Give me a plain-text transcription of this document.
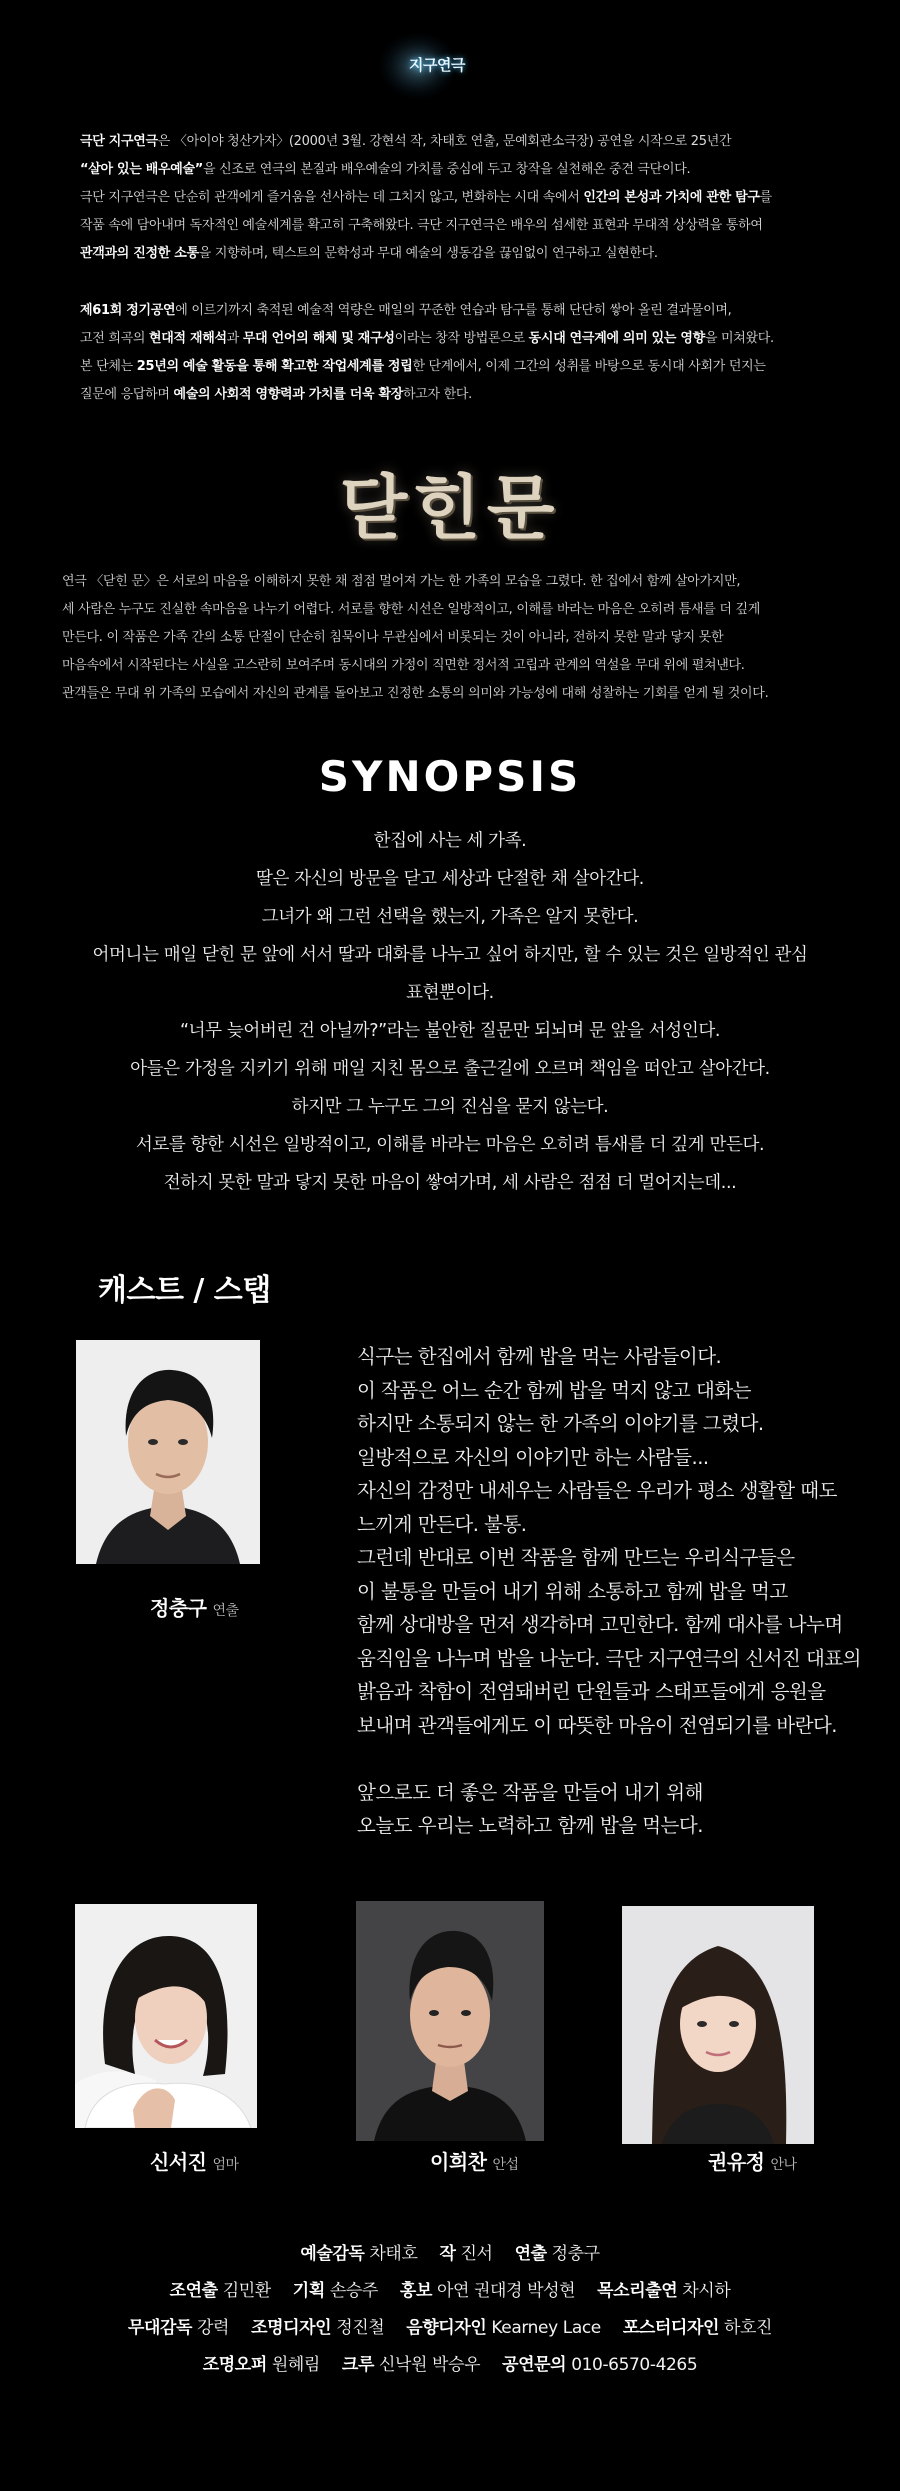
지구연극

극단 지구연극은 〈아이야 청산가자〉(2000년 3월. 강현석 작, 차태호 연출, 문예회관소극장) 공연을 시작으로 25년간

“살아 있는 배우예술”을 신조로 연극의 본질과 배우예술의 가치를 중심에 두고 창작을 실천해온 중견 극단이다.

극단 지구연극은 단순히 관객에게 즐거움을 선사하는 데 그치지 않고, 변화하는 시대 속에서 인간의 본성과 가치에 관한 탐구를

작품 속에 담아내며 독자적인 예술세계를 확고히 구축해왔다. 극단 지구연극은 배우의 섬세한 표현과 무대적 상상력을 통하여

관객과의 진정한 소통을 지향하며, 텍스트의 문학성과 무대 예술의 생동감을 끊임없이 연구하고 실현한다.

제61회 정기공연에 이르기까지 축적된 예술적 역량은 매일의 꾸준한 연습과 탐구를 통해 단단히 쌓아 올린 결과물이며,

고전 희곡의 현대적 재해석과 무대 언어의 해체 및 재구성이라는 창작 방법론으로 동시대 연극계에 의미 있는 영향을 미쳐왔다.

본 단체는 25년의 예술 활동을 통해 확고한 작업세계를 정립한 단계에서, 이제 그간의 성취를 바탕으로 동시대 사회가 던지는

질문에 응답하며 예술의 사회적 영향력과 가치를 더욱 확장하고자 한다.

닫힌문
연극 〈닫힌 문〉은 서로의 마음을 이해하지 못한 채 점점 멀어져 가는 한 가족의 모습을 그렸다. 한 집에서 함께 살아가지만,
세 사람은 누구도 진실한 속마음을 나누기 어렵다. 서로를 향한 시선은 일방적이고, 이해를 바라는 마음은 오히려 틈새를 더 깊게
만든다. 이 작품은 가족 간의 소통 단절이 단순히 침묵이나 무관심에서 비롯되는 것이 아니라, 전하지 못한 말과 닿지 못한
마음속에서 시작된다는 사실을 고스란히 보여주며 동시대의 가정이 직면한 정서적 고립과 관계의 역설을 무대 위에 펼쳐낸다.
관객들은 무대 위 가족의 모습에서 자신의 관계를 돌아보고 진정한 소통의 의미와 가능성에 대해 성찰하는 기회를 얻게 될 것이다.
SYNOPSIS
한집에 사는 세 가족.
딸은 자신의 방문을 닫고 세상과 단절한 채 살아간다.
그녀가 왜 그런 선택을 했는지, 가족은 알지 못한다.
어머니는 매일 닫힌 문 앞에 서서 딸과 대화를 나누고 싶어 하지만, 할 수 있는 것은 일방적인 관심
표현뿐이다.
“너무 늦어버린 건 아닐까?”라는 불안한 질문만 되뇌며 문 앞을 서성인다.
아들은 가정을 지키기 위해 매일 지친 몸으로 출근길에 오르며 책임을 떠안고 살아간다.
하지만 그 누구도 그의 진심을 묻지 않는다.
서로를 향한 시선은 일방적이고, 이해를 바라는 마음은 오히려 틈새를 더 깊게 만든다.
전하지 못한 말과 닿지 못한 마음이 쌓여가며, 세 사람은 점점 더 멀어지는데...
캐스트 / 스탭
정충구 연출
식구는 한집에서 함께 밥을 먹는 사람들이다.
이 작품은 어느 순간 함께 밥을 먹지 않고 대화는
하지만 소통되지 않는 한 가족의 이야기를 그렸다.
일방적으로 자신의 이야기만 하는 사람들...
자신의 감정만 내세우는 사람들은 우리가 평소 생활할 때도
느끼게 만든다. 불통.
그런데 반대로 이번 작품을 함께 만드는 우리식구들은
이 불통을 만들어 내기 위해 소통하고 함께 밥을 먹고
함께 상대방을 먼저 생각하며 고민한다. 함께 대사를 나누며
움직임을 나누며 밥을 나눈다. 극단 지구연극의 신서진 대표의
밝음과 착함이 전염돼버린 단원들과 스태프들에게 응원을
보내며 관객들에게도 이 따뜻한 마음이 전염되기를 바란다.

앞으로도 더 좋은 작품을 만들어 내기 위해
오늘도 우리는 노력하고 함께 밥을 먹는다.
신서진 엄마	이희찬 안섭	권유정 안나
예술감독 차태호 작 진서 연출 정충구
조연출 김민환 기획 손승주 홍보 아연 권대경 박성현 목소리출연 차시하
무대감독 강력 조명디자인 정진철 음향디자인 Kearney Lace 포스터디자인 하호진
조명오퍼 원혜림 크루 신낙원 박승우 공연문의 010-6570-4265
